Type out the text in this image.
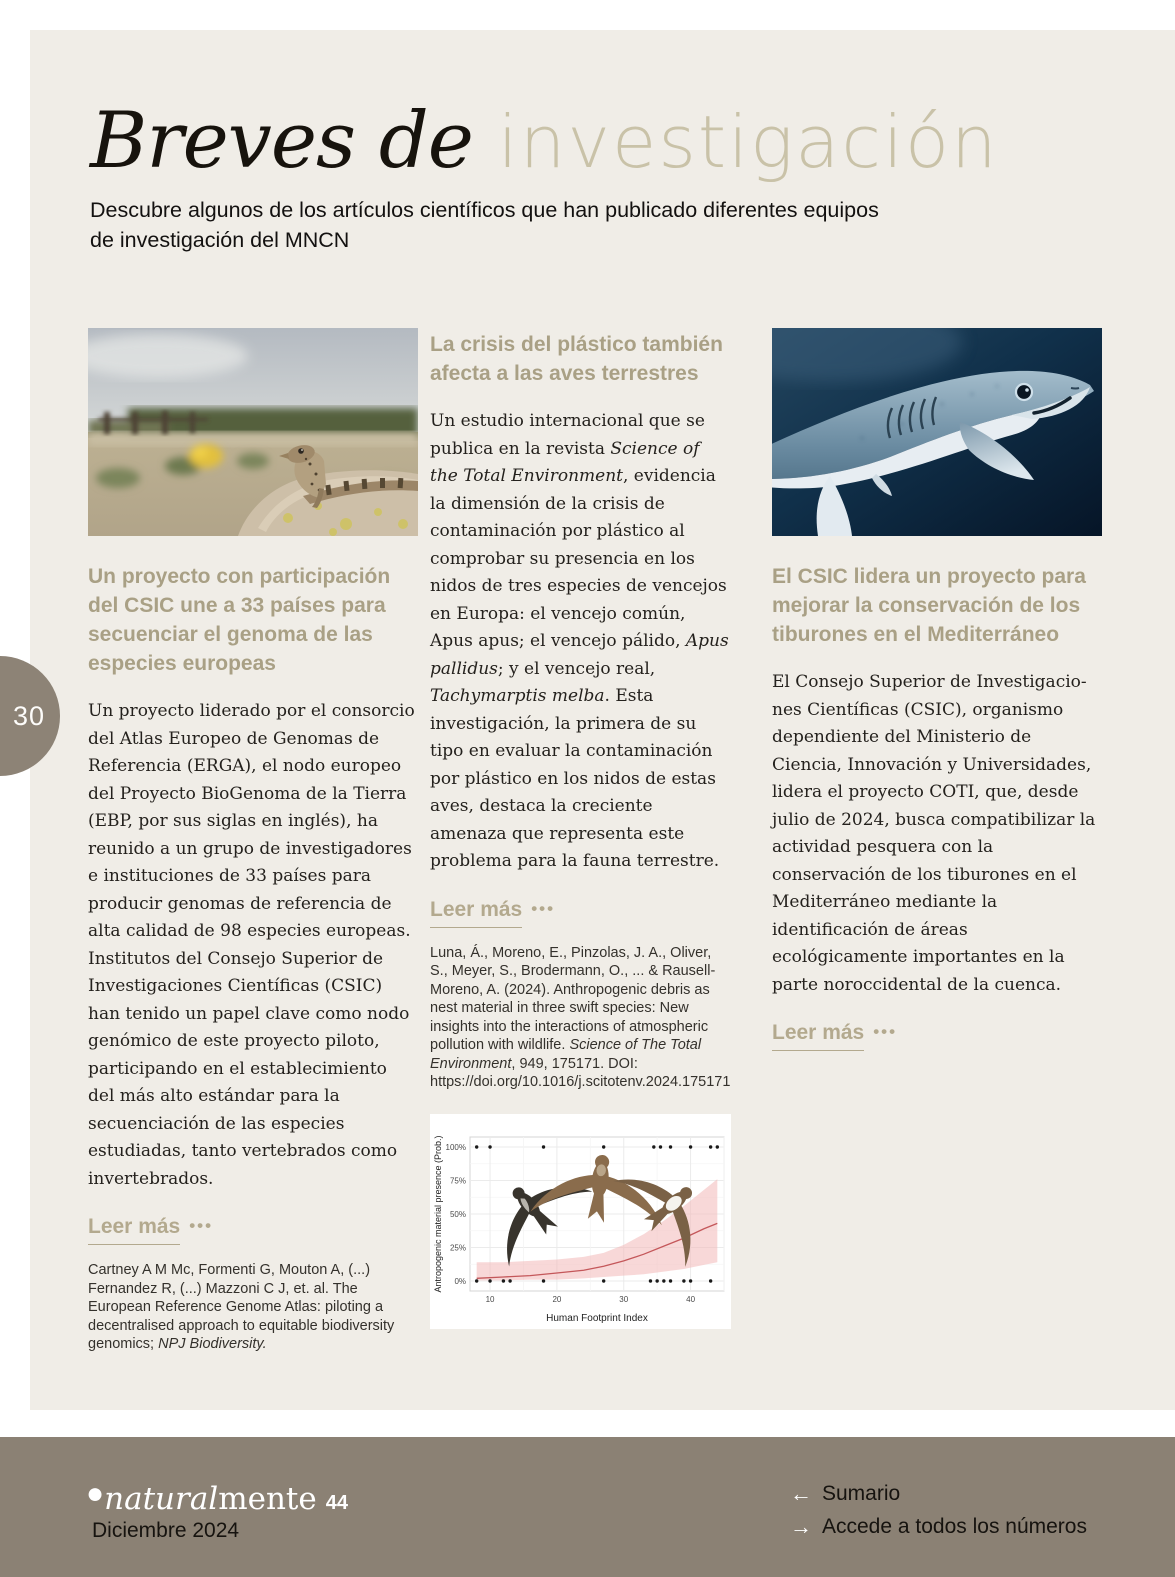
30
Breves de investigación
Descubre algunos de los artículos científicos que han publicado diferentes equipos de investigación del MNCN
Un proyecto con participación del CSIC une a 33 países para secuenciar el genoma de las especies europeas

Un proyecto liderado por el consorcio del Atlas Europeo de Genomas de Referencia (ERGA), el nodo europeo del Proyecto BioGenoma de la Tierra (EBP, por sus siglas en inglés), ha reunido a un grupo de investigadores e instituciones de 33 países para producir genomas de referencia de alta calidad de 98 especies europeas. Institutos del Consejo Superior de Investigaciones Científicas (CSIC) han tenido un papel clave como nodo genómico de este proyecto piloto, participando en el establecimiento del más alto estándar para la secuenciación de las especies estudiadas, tanto vertebrados como invertebrados.

Leer más •••

Cartney A M Mc, Formenti G, Mouton A, (...) Fernandez R, (...) Mazzoni C J, et. al. The European Reference Genome Atlas: piloting a decentralised approach to equitable biodiversity genomics; NPJ Biodiversity.

La crisis del plástico también afecta a las aves terrestres

Un estudio internacional que se publica en la revista Science of the Total Environment, evidencia la dimensión de la crisis de contaminación por plástico al comprobar su presencia en los nidos de tres especies de vencejos en Europa: el vencejo común, Apus apus; el vencejo pálido, Apus pallidus; y el vencejo real, Tachymarptis melba. Esta investigación, la primera de su tipo en evaluar la contaminación por plástico en los nidos de estas aves, destaca la creciente amenaza que representa este problema para la fauna terrestre.

Leer más •••

Luna, Á., Moreno, E., Pinzolas, J. A., Oliver, S., Meyer, S., Brodermann, O., ... & Rausell-Moreno, A. (2024). Anthropogenic debris as nest material in three swift species: New insights into the interactions of atmospheric pollution with wildlife. Science of The Total Environment, 949, 175171. DOI: https://doi.org/10.1016/j.scitotenv.2024.175171

0%
25%
50%
75%
100%
10	20	30	40
Human Footprint Index
Antropogenic material presence (Prob.)
El CSIC lidera un proyecto para mejorar la conservación de los tiburones en el Mediterráneo

El Consejo Superior de Investigaciones Científicas (CSIC), organismo dependiente del Ministerio de Ciencia, Innovación y Universidades, lidera el proyecto COTI, que, desde julio de 2024, busca compatibilizar la actividad pesquera con la conservación de los tiburones en el Mediterráneo mediante la identificación de áreas ecológicamente importantes en la parte noroccidental de la cuenca.

Leer más •••
●naturalmente 44
Diciembre 2024
← Sumario
→ Accede a todos los números
